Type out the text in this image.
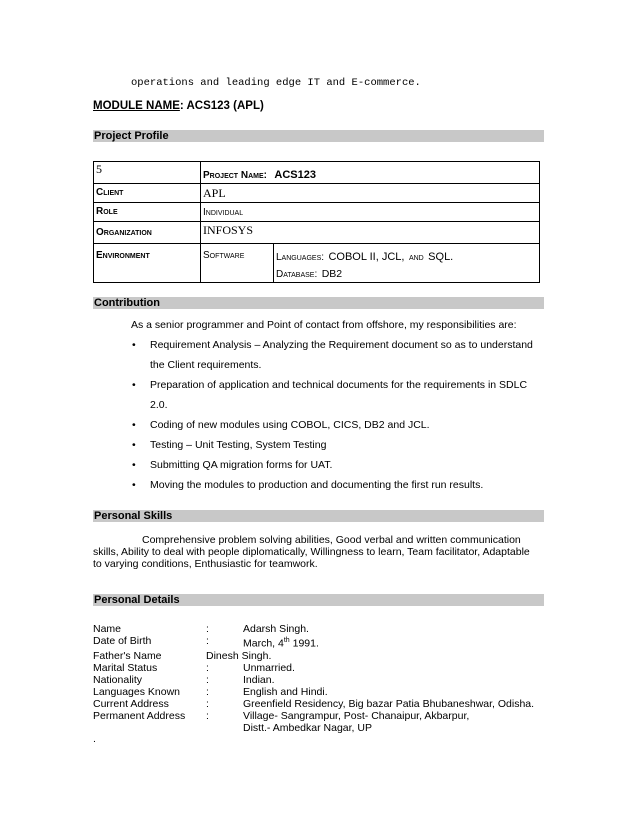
operations and leading edge IT and E-commerce.
MODULE NAME: ACS123 (APL)
Project Profile
5	Project Name: ACS123	
Client	APL	
Role	Individual	
Organization	INFOSYS	
Environment	Software	Languages: COBOL II, JCL, and SQL.
Database: DB2
Contribution
As a senior programmer and Point of contact from offshore, my responsibilities are:
• Requirement Analysis – Analyzing the Requirement document so as to understand the Client requirements.
• Preparation of application and technical documents for the requirements in SDLC 2.0.
• Coding of new modules using COBOL, CICS, DB2 and JCL.
• Testing – Unit Testing, System Testing
• Submitting QA migration forms for UAT.
• Moving the modules to production and documenting the first run results.
Personal Skills
Comprehensive problem solving abilities, Good verbal and written communication
skills, Ability to deal with people diplomatically, Willingness to learn, Team facilitator, Adaptable
to varying conditions, Enthusiastic for teamwork.
Personal Details
Name	:	Adarsh Singh.
Date of Birth	:	March, 4th 1991.
Father's Name	Dinesh Singh.	
Marital Status	:	Unmarried.
Nationality	:	Indian.
Languages Known	:	English and Hindi.
Current Address	:	Greenfield Residency, Big bazar Patia Bhubaneshwar, Odisha.
Permanent Address	:	Village- Sangrampur, Post- Chanaipur, Akbarpur,
Distt.- Ambedkar Nagar, UP
.
